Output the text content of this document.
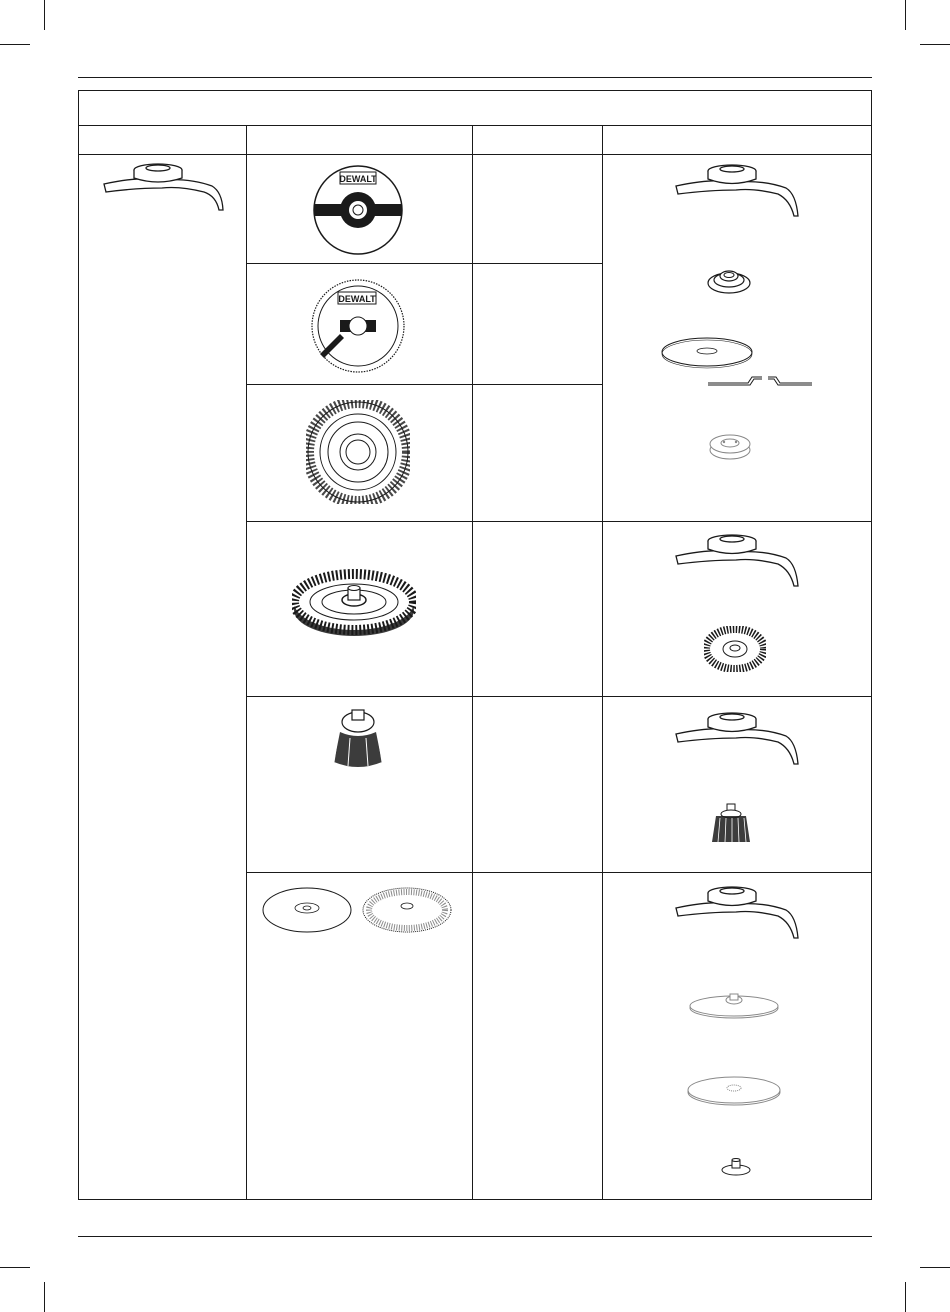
DEWALT
DEWALT
